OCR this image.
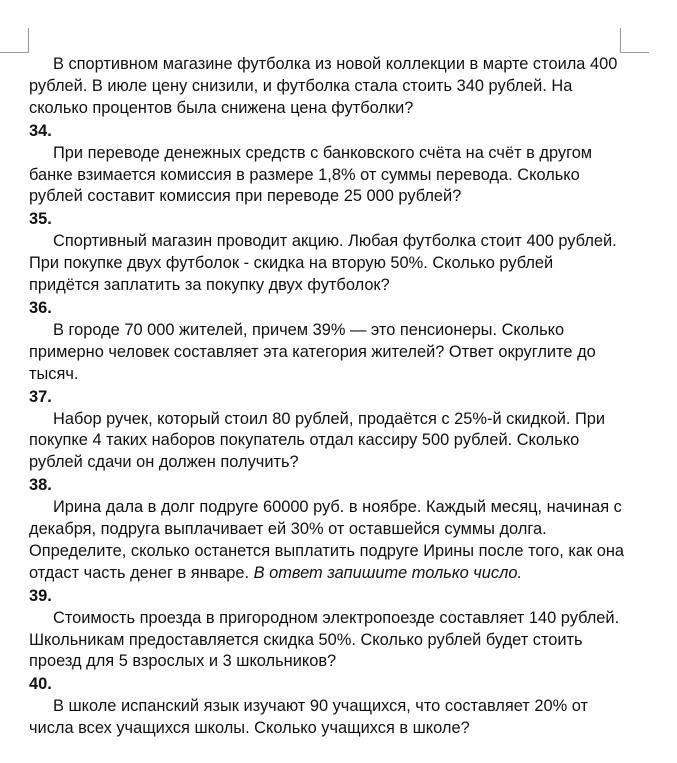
В спортивном магазине футболка из новой коллекции в марте стоила 400 рублей. В июле цену снизили, и футболка стала стоить 340 рублей. На сколько процентов была снижена цена футболки?
34.
При переводе денежных средств с банковского счёта на счёт в другом банке взимается комиссия в размере 1,8% от суммы перевода. Сколько рублей составит комиссия при переводе 25 000 рублей?
35.
Спортивный магазин проводит акцию. Любая футболка стоит 400 рублей. При покупке двух футболок - скидка на вторую 50%. Сколько рублей придётся заплатить за покупку двух футболок?
36.
В городе 70 000 жителей, причем 39% — это пенсионеры. Сколько примерно человек составляет эта категория жителей? Ответ округлите до тысяч.
37.
Набор ручек, который стоил 80 рублей, продаётся с 25%-й скидкой. При покупке 4 таких наборов покупатель отдал кассиру 500 рублей. Сколько рублей сдачи он должен получить?
38.
Ирина дала в долг подруге 60000 руб. в ноябре. Каждый месяц, начиная с декабря, подруга выплачивает ей 30% от оставшейся суммы долга. Определите, сколько останется выплатить подруге Ирины после того, как она отдаст часть денег в январе. В ответ запишите только число.
39.
Стоимость проезда в пригородном электропоезде составляет 140 рублей. Школьникам предоставляется скидка 50%. Сколько рублей будет стоить проезд для 5 взрослых и 3 школьников?
40.
В школе испанский язык изучают 90 учащихся, что составляет 20% от числа всех учащихся школы. Сколько учащихся в школе?
